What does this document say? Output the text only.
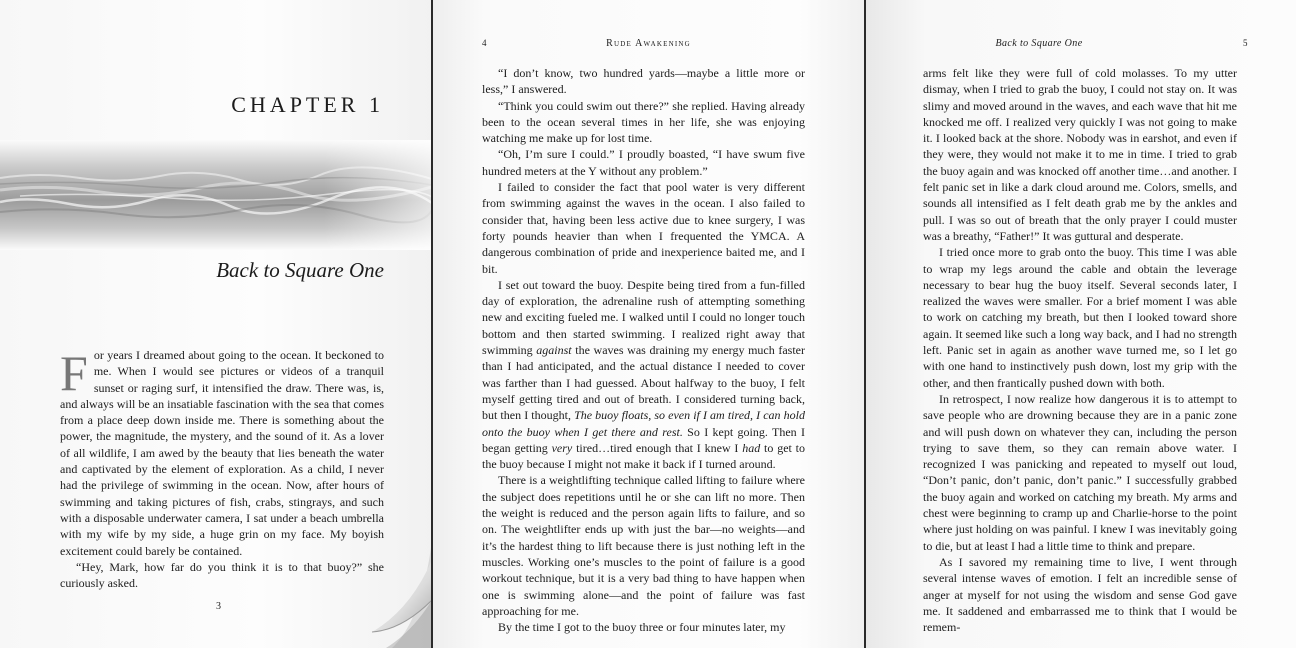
CHAPTER 1
Back to Square One

For years I dreamed about going to the ocean. It beckoned to me. When I would see pictures or videos of a tranquil sunset or raging surf, it intensified the draw. There was, is, and always will be an insatiable fascination with the sea that comes from a place deep down inside me. There is something about the power, the magnitude, the mystery, and the sound of it. As a lover of all wildlife, I am awed by the beauty that lies beneath the water and captivated by the element of exploration. As a child, I never had the privilege of swimming in the ocean. Now, after hours of swimming and taking pictures of fish, crabs, stingrays, and such with a disposable underwater camera, I sat under a beach umbrella with my wife by my side, a huge grin on my face. My boyish excitement could barely be contained.

“Hey, Mark, how far do you think it is to that buoy?” she curiously asked.

3
4	Rude Awakening

“I don’t know, two hundred yards—maybe a little more or less,” I answered.

“Think you could swim out there?” she replied. Having already been to the ocean several times in her life, she was enjoying watching me make up for lost time.

“Oh, I’m sure I could.” I proudly boasted, “I have swum five hundred meters at the Y without any problem.”

I failed to consider the fact that pool water is very different from swimming against the waves in the ocean. I also failed to consider that, having been less active due to knee surgery, I was forty pounds heavier than when I frequented the YMCA. A dangerous combination of pride and inexperience baited me, and I bit.

I set out toward the buoy. Despite being tired from a fun-filled day of exploration, the adrenaline rush of attempting something new and exciting fueled me. I walked until I could no longer touch bottom and then started swimming. I realized right away that swimming against the waves was draining my energy much faster than I had anticipated, and the actual distance I needed to cover was farther than I had guessed. About halfway to the buoy, I felt myself getting tired and out of breath. I considered turning back, but then I thought, The buoy floats, so even if I am tired, I can hold onto the buoy when I get there and rest. So I kept going. Then I began getting very tired…tired enough that I knew I had to get to the buoy because I might not make it back if I turned around.

There is a weightlifting technique called lifting to failure where the subject does repetitions until he or she can lift no more. Then the weight is reduced and the person again lifts to failure, and so on. The weightlifter ends up with just the bar—no weights—and it’s the hardest thing to lift because there is just nothing left in the muscles. Working one’s muscles to the point of failure is a good workout technique, but it is a very bad thing to have happen when one is swimming alone—and the point of failure was fast approaching for me.

By the time I got to the buoy three or four minutes later, my

Back to Square One	5

arms felt like they were full of cold molasses. To my utter dismay, when I tried to grab the buoy, I could not stay on. It was slimy and moved around in the waves, and each wave that hit me knocked me off. I realized very quickly I was not going to make it. I looked back at the shore. Nobody was in earshot, and even if they were, they would not make it to me in time. I tried to grab the buoy again and was knocked off another time…and another. I felt panic set in like a dark cloud around me. Colors, smells, and sounds all intensified as I felt death grab me by the ankles and pull. I was so out of breath that the only prayer I could muster was a breathy, “Father!” It was guttural and desperate.

I tried once more to grab onto the buoy. This time I was able to wrap my legs around the cable and obtain the leverage necessary to bear hug the buoy itself. Several seconds later, I realized the waves were smaller. For a brief moment I was able to work on catching my breath, but then I looked toward shore again. It seemed like such a long way back, and I had no strength left. Panic set in again as another wave turned me, so I let go with one hand to instinctively push down, lost my grip with the other, and then frantically pushed down with both.

In retrospect, I now realize how dangerous it is to attempt to save people who are drowning because they are in a panic zone and will push down on whatever they can, including the person trying to save them, so they can remain above water. I recognized I was panicking and repeated to myself out loud, “Don’t panic, don’t panic, don’t panic.” I successfully grabbed the buoy again and worked on catching my breath. My arms and chest were beginning to cramp up and Charlie-horse to the point where just holding on was painful. I knew I was inevitably going to die, but at least I had a little time to think and prepare.

As I savored my remaining time to live, I went through several intense waves of emotion. I felt an incredible sense of anger at myself for not using the wisdom and sense God gave me. It saddened and embarrassed me to think that I would be remem-
